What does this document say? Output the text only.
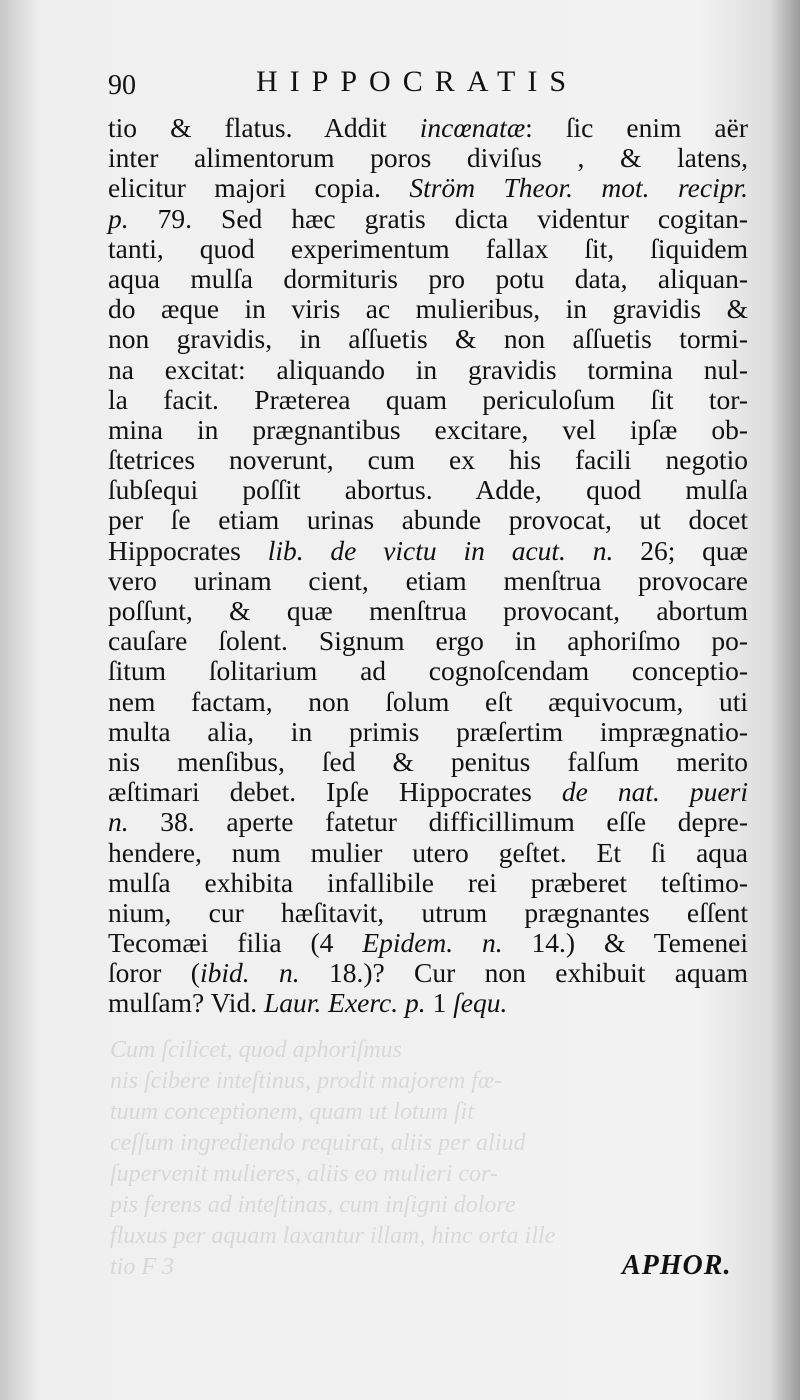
90	HIPPOCRATIS
tio & flatus. Addit incœnatæ: ſic enim aër
inter alimentorum poros diviſus , & latens,
elicitur majori copia. Ström Theor. mot. recipr.
p. 79. Sed hæc gratis dicta videntur cogitan-
tanti, quod experimentum fallax ſit, ſiquidem
aqua mulſa dormituris pro potu data, aliquan-
do æque in viris ac mulieribus, in gravidis &
non gravidis, in aſſuetis & non aſſuetis tormi-
na excitat: aliquando in gravidis tormina nul-
la facit. Præterea quam periculoſum ſit tor-
mina in prægnantibus excitare, vel ipſæ ob-
ſtetrices noverunt, cum ex his facili negotio
ſubſequi poſſit abortus. Adde, quod mulſa
per ſe etiam urinas abunde provocat, ut docet
Hippocrates lib. de victu in acut. n. 26; quæ
vero urinam cient, etiam menſtrua provocare
poſſunt, & quæ menſtrua provocant, abortum
cauſare ſolent. Signum ergo in aphoriſmo po-
ſitum ſolitarium ad cognoſcendam conceptio-
nem factam, non ſolum eſt æquivocum, uti
multa alia, in primis præſertim imprægnatio-
nis menſibus, ſed & penitus falſum merito
æſtimari debet. Ipſe Hippocrates de nat. pueri
n. 38. aperte fatetur difficillimum eſſe depre-
hendere, num mulier utero geſtet. Et ſi aqua
mulſa exhibita infallibile rei præberet teſtimo-
nium, cur hæſitavit, utrum prægnantes eſſent
Tecomæi filia (4 Epidem. n. 14.) & Temenei
ſoror (ibid. n. 18.)? Cur non exhibuit aquam
mulſam? Vid. Laur. Exerc. p. 1 ſequ.
Cum ſcilicet, quod aphoriſmus
nis ſcibere inteſtinus, prodit majorem fœ-
tuum conceptionem, quam ut lotum ſit
ceſſum ingrediendo requirat, aliis per aliud
ſupervenit mulieres, aliis eo mulieri cor-
pis ferens ad inteſtinas, cum inſigni dolore
fluxus per aquam laxantur illam, hinc orta ille
tio F 3	APHOR.
